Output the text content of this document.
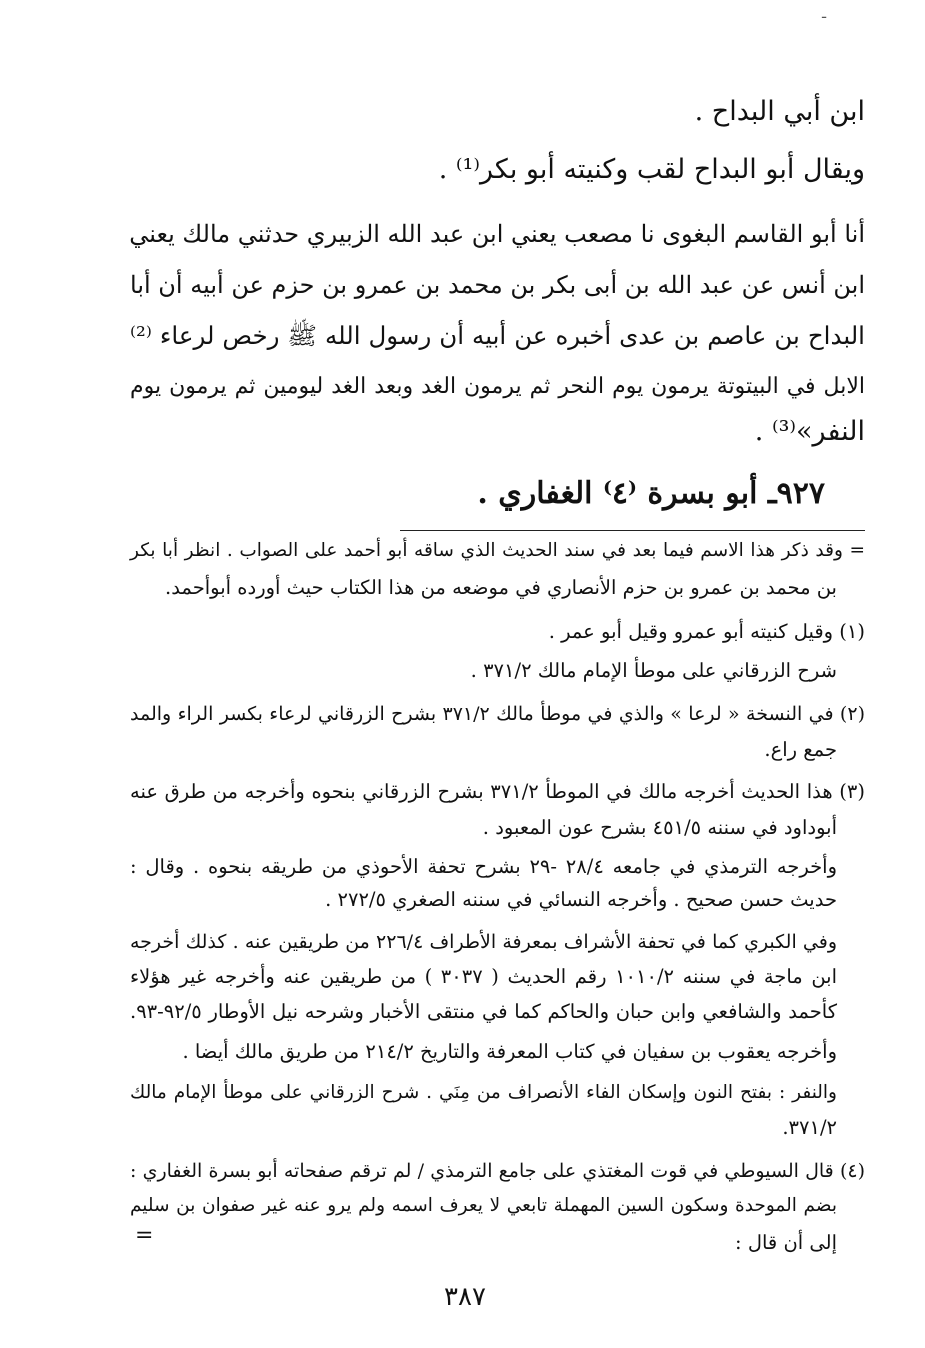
ـ
ابن أبي البداح .
ويقال أبو البداح لقب وكنيته أبو بكر⁽¹⁾ .
أنا أبو القاسم البغوى نا مصعب يعني ابن عبد الله الزبيري حدثني مالك يعني
ابن أنس عن عبد الله بن أبى بكر بن محمد بن عمرو بن حزم عن أبيه أن أبا
البداح بن عاصم بن عدى أخبره عن أبيه أن رسول الله ﷺ رخص لرعاء ⁽²⁾
الابل في البيتوتة يرمون يوم النحر ثم يرمون الغد وبعد الغد ليومين ثم يرمون يوم
النفر»⁽³⁾ .
٩٢٧ـ أبو بسرة ⁽٤⁾ الغفاري .
= وقد ذكر هذا الاسم فيما بعد في سند الحديث الذي ساقه أبو أحمد على الصواب . انظر أبا بكر
بن محمد بن عمرو بن حزم الأنصاري في موضعه من هذا الكتاب حيث أورده أبوأحمد.
(١) وقيل كنيته أبو عمرو وقيل أبو عمر .
شرح الزرقاني على موطأ الإمام مالك ٣٧١/٢ .
(٢) في النسخة « لرعا » والذي في موطأ مالك ٣٧١/٢ بشرح الزرقاني لرعاء بكسر الراء والمد
جمع راع.
(٣) هذا الحديث أخرجه مالك في الموطأ ٣٧١/٢ بشرح الزرقاني بنحوه وأخرجه من طرق عنه
أبوداود في سننه ٤٥١/٥ بشرح عون المعبود .
وأخرجه الترمذي في جامعه ٢٨/٤ -٢٩ بشرح تحفة الأحوذي من طريقه بنحوه . وقال :
حديث حسن صحيح . وأخرجه النسائي في سننه الصغري ٢٧٢/٥ .
وفي الكبري كما في تحفة الأشراف بمعرفة الأطراف ٢٢٦/٤ من طريقين عنه . كذلك أخرجه
ابن ماجة في سننه ١٠١٠/٢ رقم الحديث ( ٣٠٣٧ ) من طريقين عنه وأخرجه غير هؤلاء
كأحمد والشافعي وابن حبان والحاكم كما في منتقى الأخبار وشرحه نيل الأوطار ٩٢/٥-٩٣.
وأخرجه يعقوب بن سفيان في كتاب المعرفة والتاريخ ٢١٤/٢ من طريق مالك أيضا .
والنفر : بفتح النون وإسكان الفاء الأنصراف من مِنَي . شرح الزرقاني على موطأ الإمام مالك
٣٧١/٢.
(٤) قال السيوطي في قوت المغتذي على جامع الترمذي / لم ترقم صفحاته أبو بسرة الغفاري :
بضم الموحدة وسكون السين المهملة تابعي لا يعرف اسمه ولم يرو عنه غير صفوان بن سليم
إلى أن قال :
=
٣٨٧
